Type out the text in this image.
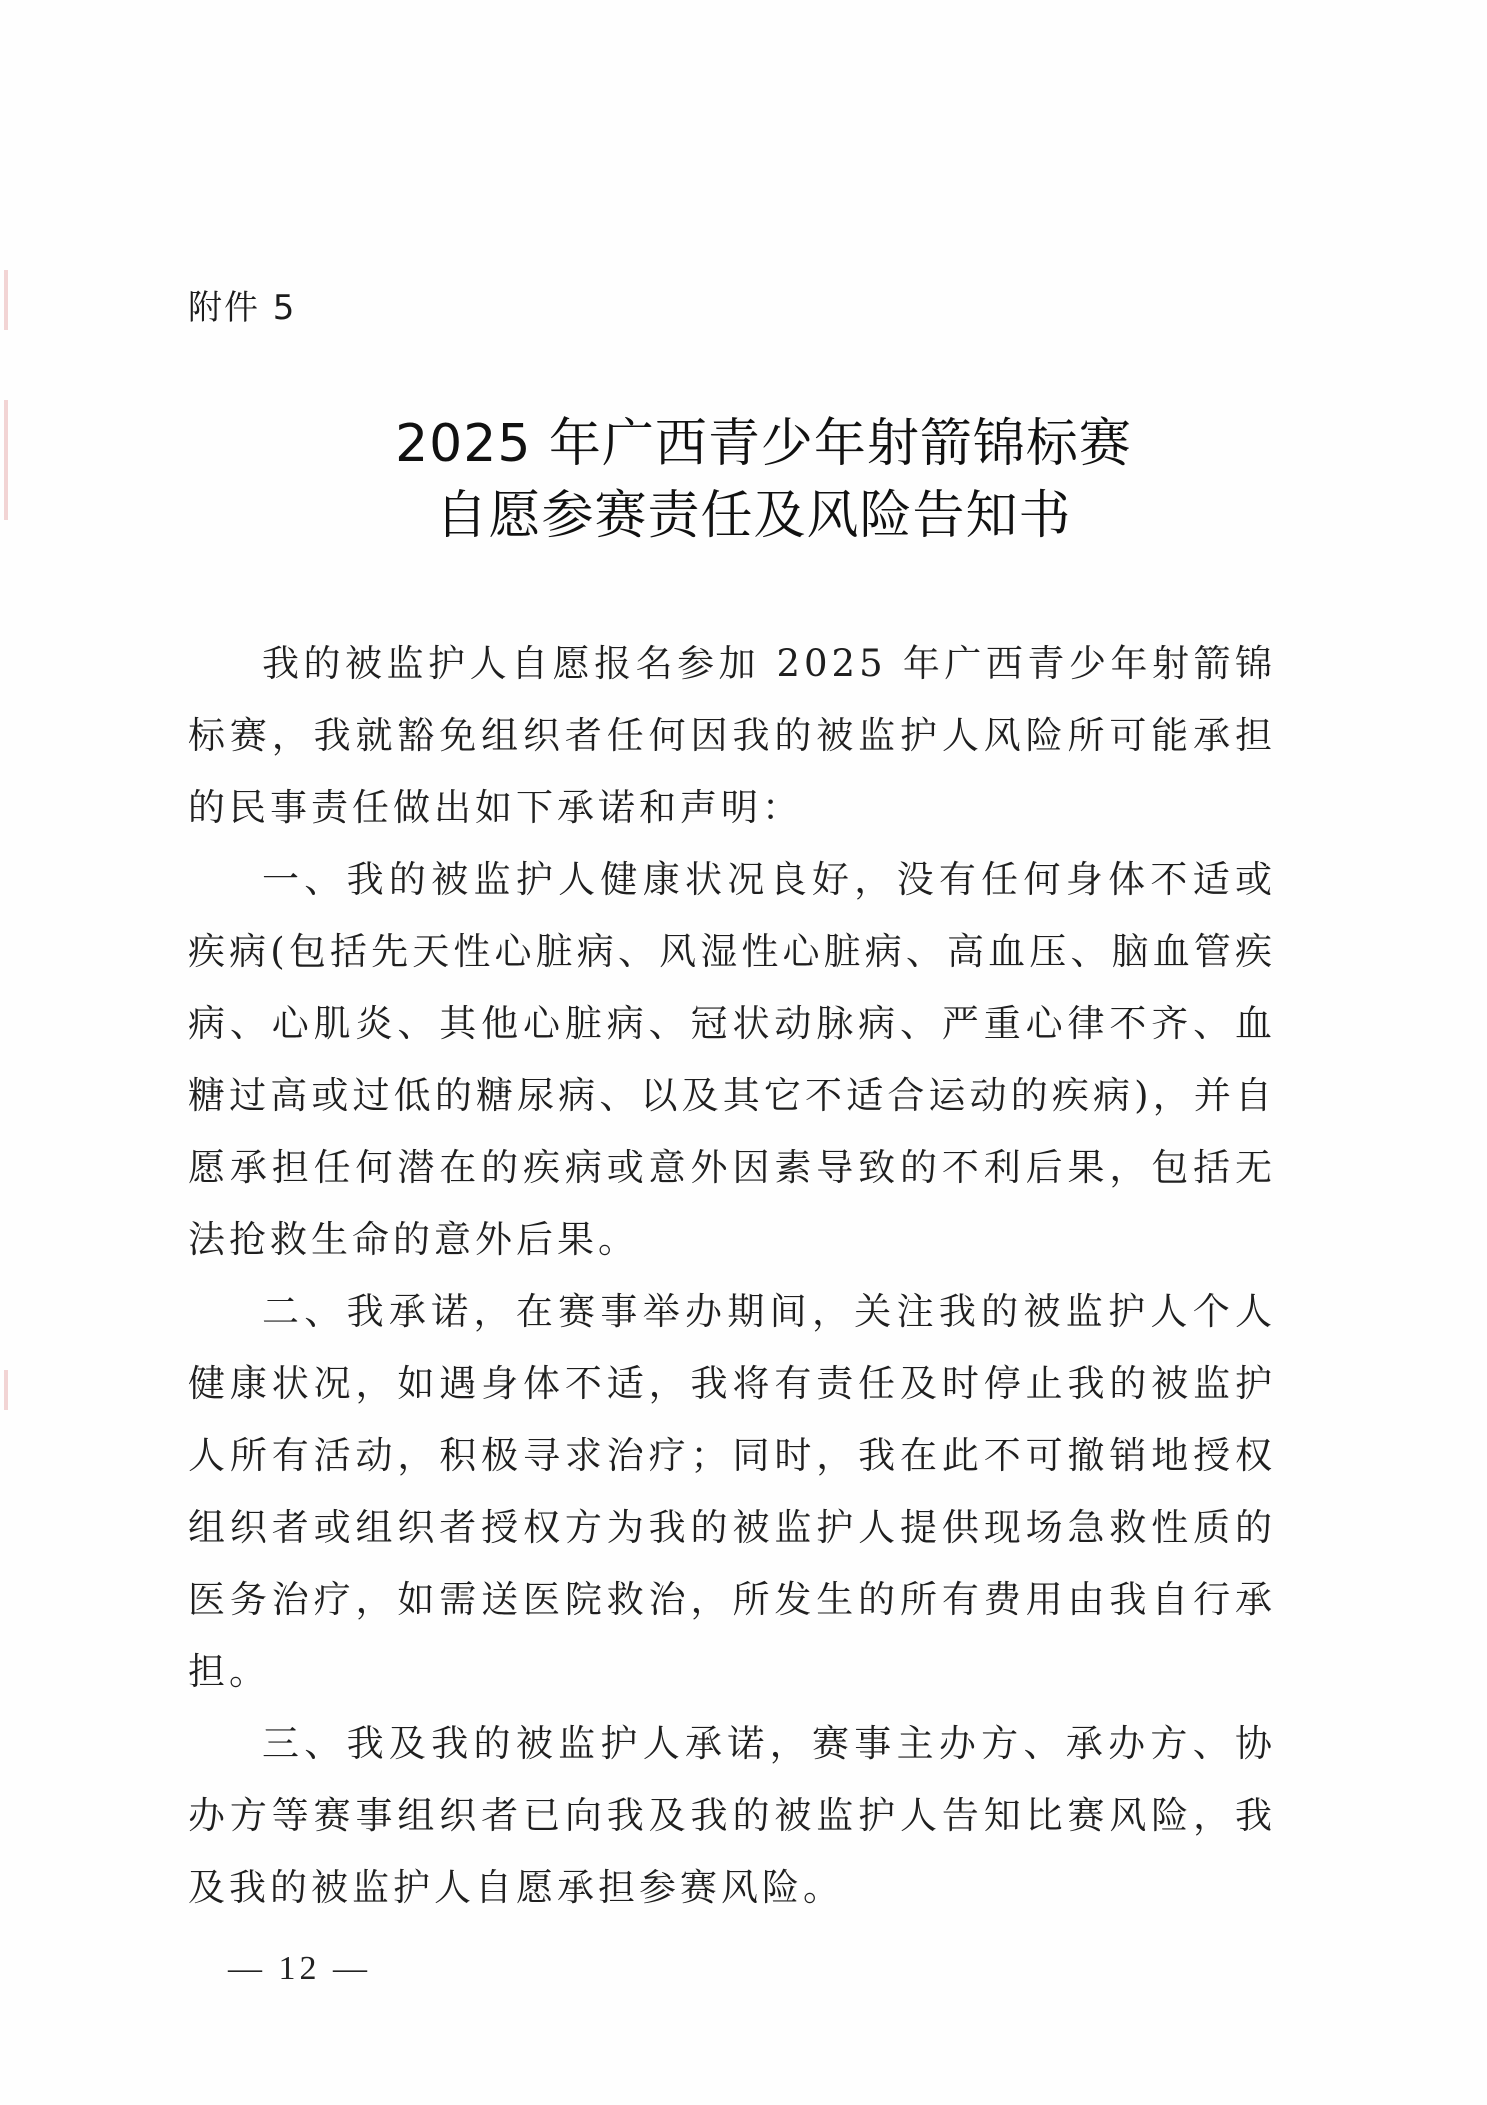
附件 5
2025 年广西青少年射箭锦标赛
自愿参赛责任及风险告知书

我的被监护人自愿报名参加 2025 年广西青少年射箭锦标赛，我就豁免组织者任何因我的被监护人风险所可能承担的民事责任做出如下承诺和声明：

一、我的被监护人健康状况良好，没有任何身体不适或疾病(包括先天性心脏病、风湿性心脏病、高血压、脑血管疾病、心肌炎、其他心脏病、冠状动脉病、严重心律不齐、血糖过高或过低的糖尿病、以及其它不适合运动的疾病)，并自愿承担任何潜在的疾病或意外因素导致的不利后果，包括无法抢救生命的意外后果。

二、我承诺，在赛事举办期间，关注我的被监护人个人健康状况，如遇身体不适，我将有责任及时停止我的被监护人所有活动，积极寻求治疗；同时，我在此不可撤销地授权组织者或组织者授权方为我的被监护人提供现场急救性质的医务治疗，如需送医院救治，所发生的所有费用由我自行承担。

三、我及我的被监护人承诺，赛事主办方、承办方、协办方等赛事组织者已向我及我的被监护人告知比赛风险，我及我的被监护人自愿承担参赛风险。

— 12 —
